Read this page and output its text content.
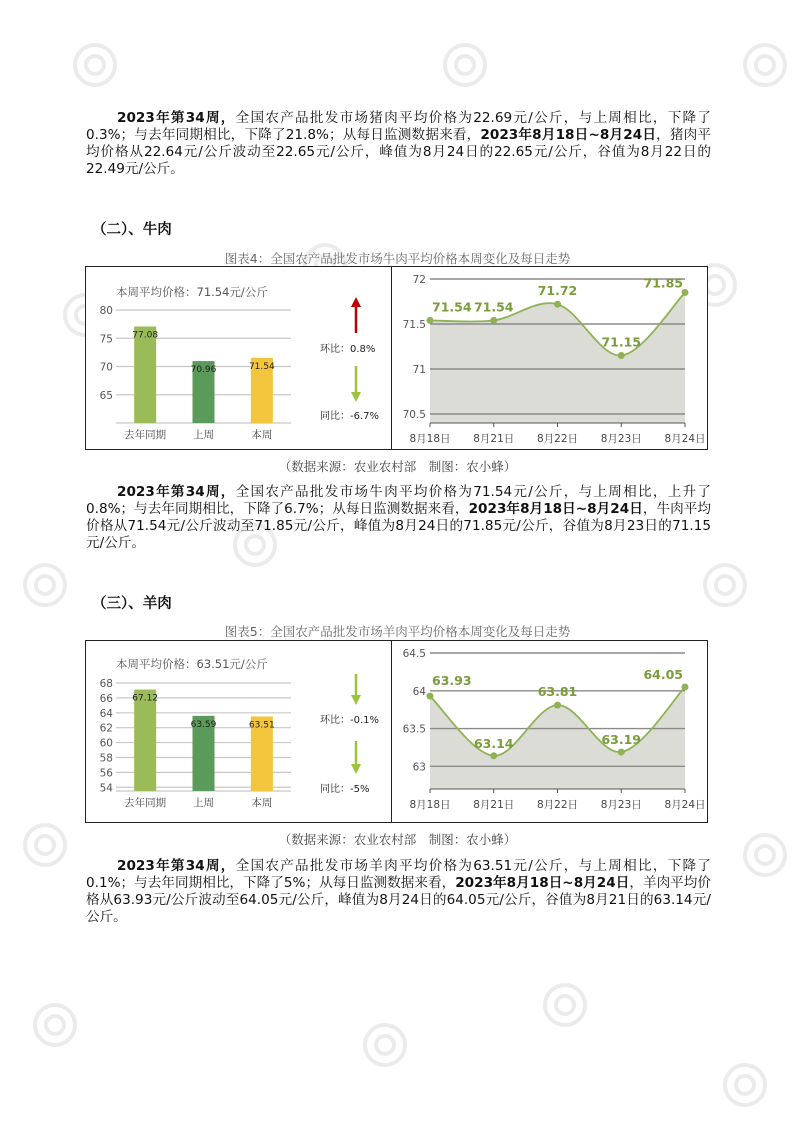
2023年第34周，全国农产品批发市场猪肉平均价格为22.69元/公斤，与上周相比，下降了0.3%；与去年同期相比，下降了21.8%；从每日监测数据来看，2023年8月18日~8月24日，猪肉平均价格从22.64元/公斤波动至22.65元/公斤，峰值为8月24日的22.65元/公斤，谷值为8月22日的22.49元/公斤。

（二）、牛肉

图表4：全国农产品批发市场牛肉平均价格本周变化及每日走势

本周平均价格：71.54元/公斤
65
70
75
80
77.08
去年同期
70.96
上周
71.54
本周
环比：0.8%
同比：-6.7% 70.5
71
71.5
72
71.54
8月18日
71.54
8月21日
71.72
8月22日
71.15
8月23日
71.85
8月24日

（数据来源：农业农村部　制图：农小蜂）

2023年第34周，全国农产品批发市场牛肉平均价格为71.54元/公斤，与上周相比，上升了0.8%；与去年同期相比，下降了6.7%；从每日监测数据来看，2023年8月18日~8月24日，牛肉平均价格从71.54元/公斤波动至71.85元/公斤，峰值为8月24日的71.85元/公斤，谷值为8月23日的71.15元/公斤。

（三）、羊肉

图表5：全国农产品批发市场羊肉平均价格本周变化及每日走势

本周平均价格：63.51元/公斤
54
56
58
60
62
64
66
68
67.12
去年同期
63.59
上周
63.51
本周
环比：-0.1%
同比：-5%
63
63.5
64
64.5
63.93
8月18日
63.14
8月21日
63.81
8月22日
63.19
8月23日
64.05
8月24日

（数据来源：农业农村部　制图：农小蜂）

2023年第34周，全国农产品批发市场羊肉平均价格为63.51元/公斤，与上周相比，下降了0.1%；与去年同期相比，下降了5%；从每日监测数据来看，2023年8月18日~8月24日，羊肉平均价格从63.93元/公斤波动至64.05元/公斤，峰值为8月24日的64.05元/公斤，谷值为8月21日的63.14元/公斤。
